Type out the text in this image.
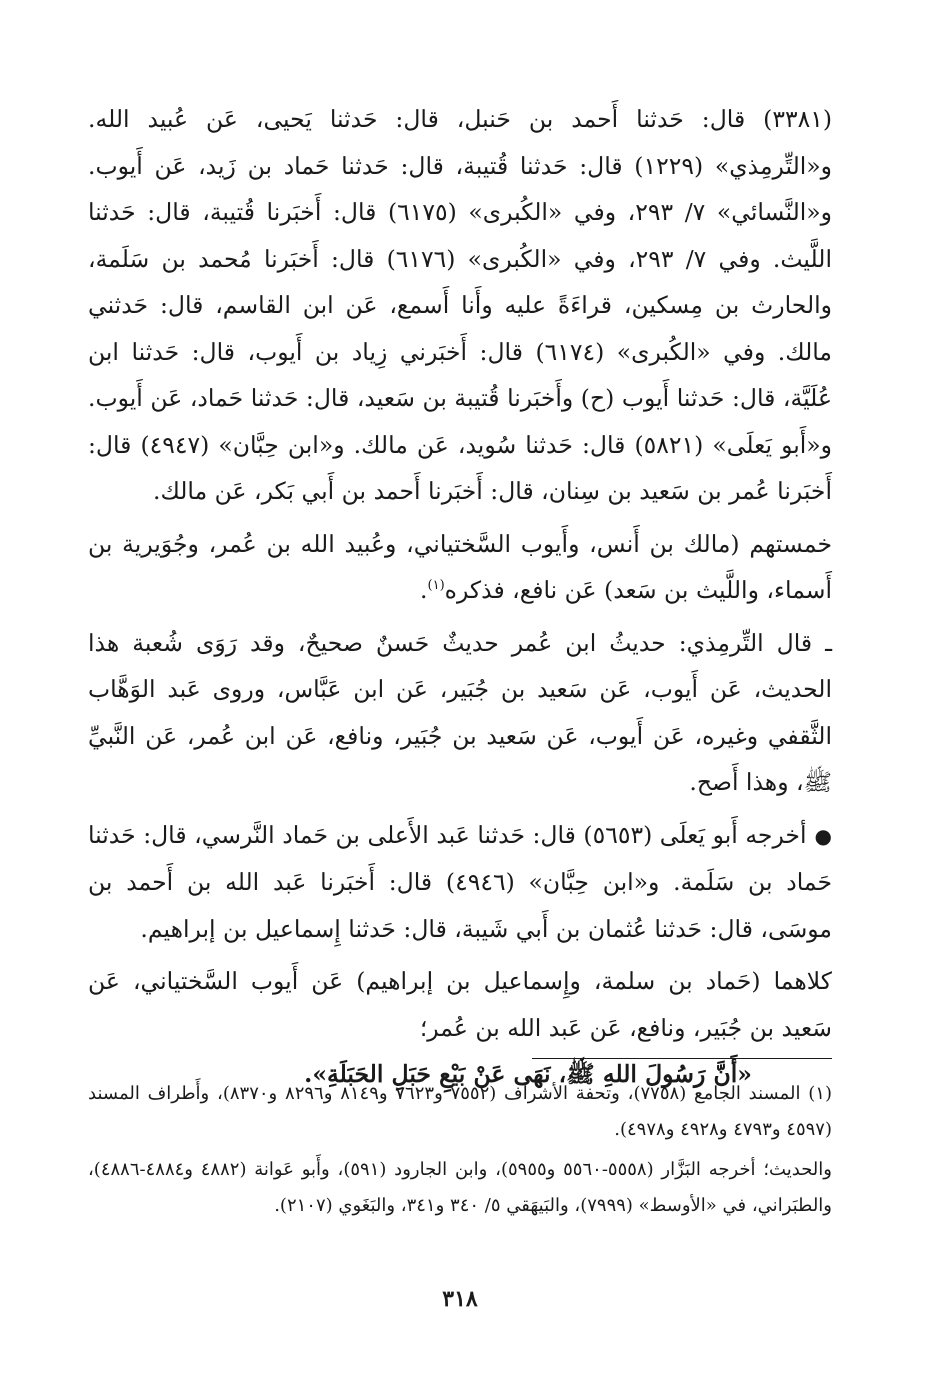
(٣٣٨١) قال: حَدثنا أَحمد بن حَنبل، قال: حَدثنا يَحيى، عَن عُبيد الله. و«التِّرمِذي» (١٢٢٩) قال: حَدثنا قُتيبة، قال: حَدثنا حَماد بن زَيد، عَن أَيوب. و«النَّسائي» ٧/ ٢٩٣، وفي «الكُبرى» (٦١٧٥) قال: أَخبَرنا قُتيبة، قال: حَدثنا اللَّيث. وفي ٧/ ٢٩٣، وفي «الكُبرى» (٦١٧٦) قال: أَخبَرنا مُحمد بن سَلَمة، والحارث بن مِسكين، قراءَةً عليه وأَنا أَسمع، عَن ابن القاسم، قال: حَدثني مالك. وفي «الكُبرى» (٦١٧٤) قال: أَخبَرني زِياد بن أَيوب، قال: حَدثنا ابن عُلَيَّة، قال: حَدثنا أَيوب (ح) وأَخبَرنا قُتيبة بن سَعيد، قال: حَدثنا حَماد، عَن أَيوب. و«أَبو يَعلَى» (٥٨٢١) قال: حَدثنا سُويد، عَن مالك. و«ابن حِبَّان» (٤٩٤٧) قال: أَخبَرنا عُمر بن سَعيد بن سِنان، قال: أَخبَرنا أَحمد بن أَبي بَكر، عَن مالك.

خمستهم (مالك بن أَنس، وأَيوب السَّختياني، وعُبيد الله بن عُمر، وجُوَيرية بن أَسماء، واللَّيث بن سَعد) عَن نافع، فذكره$^{(١)}$.

ـ قال التِّرمِذي: حديثُ ابن عُمر حديثٌ حَسنٌ صحيحٌ، وقد رَوَى شُعبة هذا الحديث، عَن أَيوب، عَن سَعيد بن جُبَير، عَن ابن عَبَّاس، وروى عَبد الوَهَّاب الثَّقفي وغيره، عَن أَيوب، عَن سَعيد بن جُبَير، ونافع، عَن ابن عُمر، عَن النَّبيِّ ﷺ، وهذا أَصح.

●أخرجه أَبو يَعلَى (٥٦٥٣) قال: حَدثنا عَبد الأَعلى بن حَماد النَّرسي، قال: حَدثنا حَماد بن سَلَمة. و«ابن حِبَّان» (٤٩٤٦) قال: أَخبَرنا عَبد الله بن أَحمد بن موسَى، قال: حَدثنا عُثمان بن أَبي شَيبة، قال: حَدثنا إِسماعيل بن إبراهيم.

كلاهما (حَماد بن سلمة، وإِسماعيل بن إبراهيم) عَن أَيوب السَّختياني، عَن سَعيد بن جُبَير، ونافع، عَن عَبد الله بن عُمر؛

«أَنَّ رَسُولَ اللهِ ﷺ، نَهَى عَنْ بَيْعِ حَبَلِ الحَبَلَةِ».

(١) المسند الجامع (٧٧٥٨)، وتحفة الأشراف (٧٥٥٢ و٧٦٢٣ و٨١٤٩ و٨٢٩٦ و٨٣٧٠)، وأَطراف المسند (٤٥٩٧ و٤٧٩٣ و٤٩٢٨ و٤٩٧٨).

والحديث؛ أخرجه البَزَّار (٥٥٥٨-٥٥٦٠ و٥٩٥٥)، وابن الجارود (٥٩١)، وأَبو عَوانة (٤٨٨٢ و٤٨٨٤-٤٨٨٦)، والطبَراني، في «الأوسط» (٧٩٩٩)، والبَيهَقي ٥/ ٣٤٠ و٣٤١، والبَغَوي (٢١٠٧).

٣١٨
